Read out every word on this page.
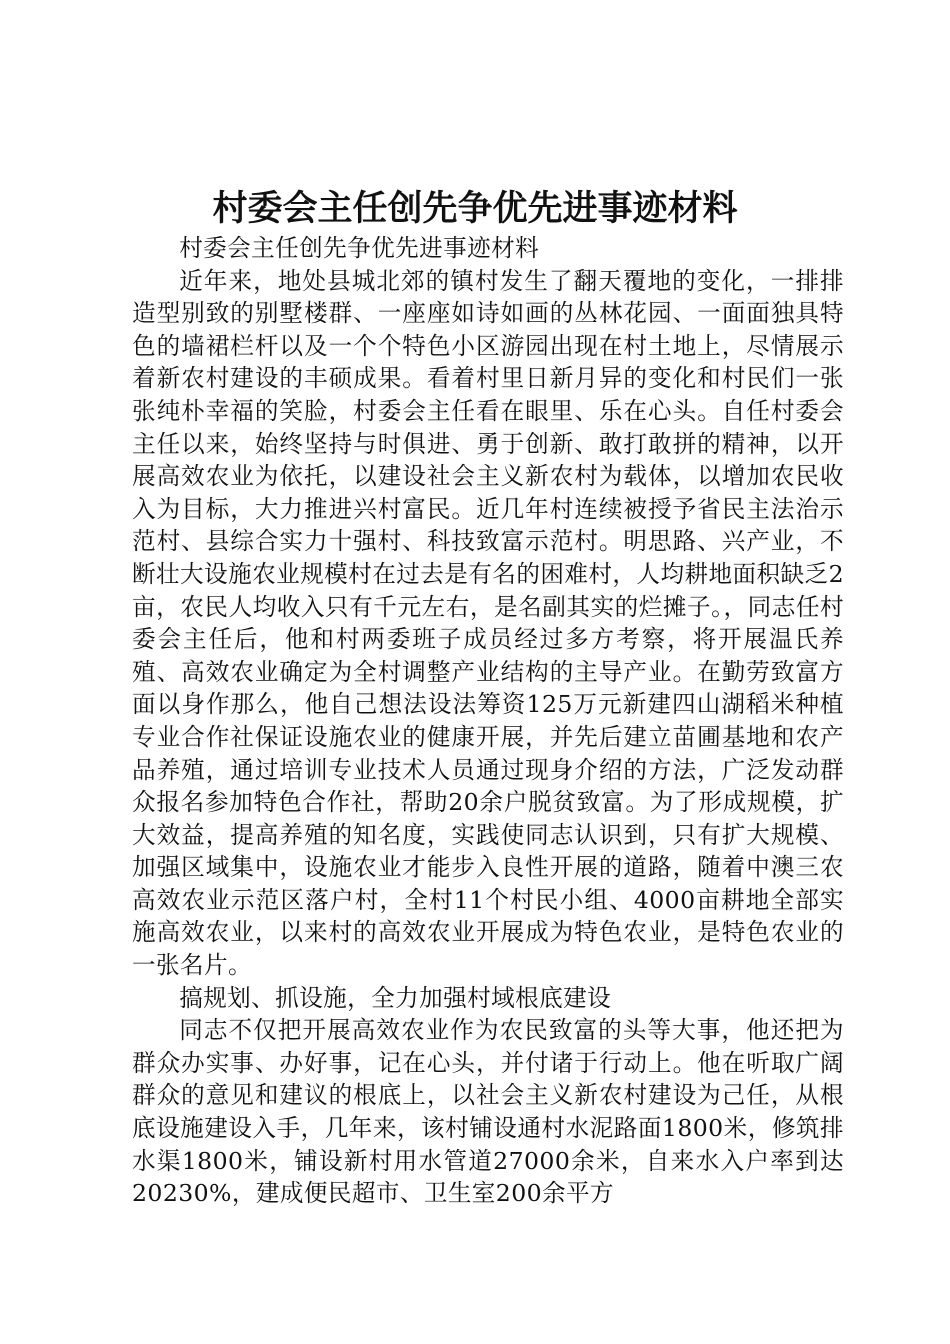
村委会主任创先争优先进事迹材料

村委会主任创先争优先进事迹材料

近年来，地处县城北郊的镇村发生了翻天覆地的变化，一排排造型别致的别墅楼群、一座座如诗如画的丛林花园、一面面独具特色的墙裙栏杆以及一个个特色小区游园出现在村土地上，尽情展示着新农村建设的丰硕成果。看着村里日新月异的变化和村民们一张张纯朴幸福的笑脸，村委会主任看在眼里、乐在心头。自任村委会主任以来，始终坚持与时俱进、勇于创新、敢打敢拼的精神，以开展高效农业为依托，以建设社会主义新农村为载体，以增加农民收入为目标，大力推进兴村富民。近几年村连续被授予省民主法治示范村、县综合实力十强村、科技致富示范村。明思路、兴产业，不断壮大设施农业规模村在过去是有名的困难村，人均耕地面积缺乏2亩，农民人均收入只有千元左右，是名副其实的烂摊子。，同志任村委会主任后，他和村两委班子成员经过多方考察，将开展温氏养殖、高效农业确定为全村调整产业结构的主导产业。在勤劳致富方面以身作那么，他自己想法设法筹资125万元新建四山湖稻米种植专业合作社保证设施农业的健康开展，并先后建立苗圃基地和农产品养殖，通过培训专业技术人员通过现身介绍的方法，广泛发动群众报名参加特色合作社，帮助20余户脱贫致富。为了形成规模，扩大效益，提高养殖的知名度，实践使同志认识到，只有扩大规模、加强区域集中，设施农业才能步入良性开展的道路，随着中澳三农高效农业示范区落户村，全村11个村民小组、4000亩耕地全部实施高效农业，以来村的高效农业开展成为特色农业，是特色农业的一张名片。

搞规划、抓设施，全力加强村域根底建设

同志不仅把开展高效农业作为农民致富的头等大事，他还把为群众办实事、办好事，记在心头，并付诸于行动上。他在听取广阔群众的意见和建议的根底上，以社会主义新农村建设为己任，从根底设施建设入手，几年来，该村铺设通村水泥路面1800米，修筑排水渠1800米，铺设新村用水管道27000余米，自来水入户率到达20230%，建成便民超市、卫生室200余平方
